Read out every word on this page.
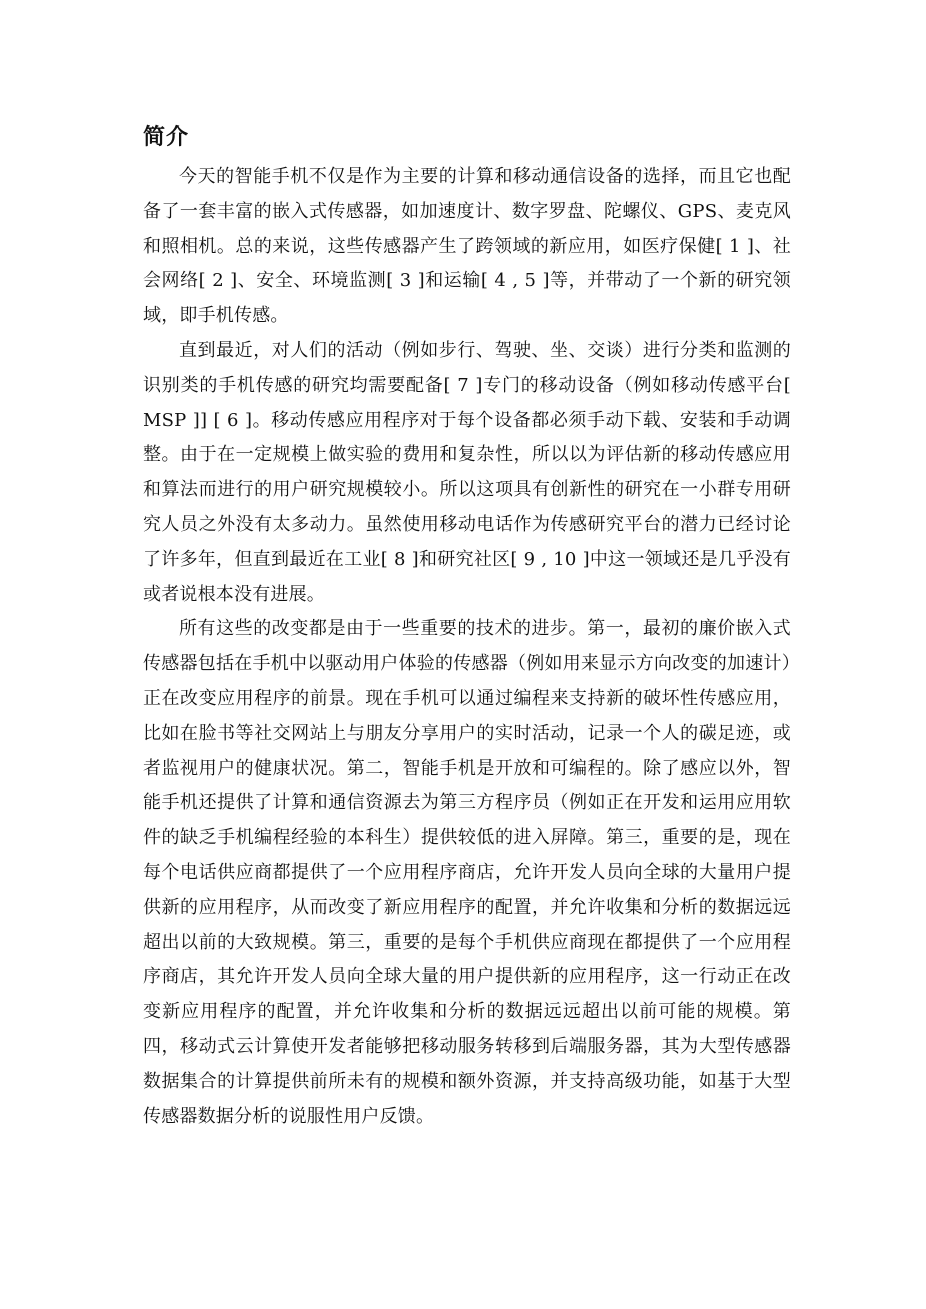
简介

今天的智能手机不仅是作为主要的计算和移动通信设备的选择，而且它也配备了一套丰富的嵌入式传感器，如加速度计、数字罗盘、陀螺仪、GPS、麦克风和照相机。总的来说，这些传感器产生了跨领域的新应用，如医疗保健[ 1 ]、社会网络[ 2 ]、安全、环境监测[ 3 ]和运输[ 4 , 5 ]等，并带动了一个新的研究领域，即手机传感。

直到最近，对人们的活动（例如步行、驾驶、坐、交谈）进行分类和监测的识别类的手机传感的研究均需要配备[ 7 ]专门的移动设备（例如移动传感平台[ MSP ]] [ 6 ]。移动传感应用程序对于每个设备都必须手动下载、安装和手动调整。由于在一定规模上做实验的费用和复杂性，所以以为评估新的移动传感应用和算法而进行的用户研究规模较小。所以这项具有创新性的研究在一小群专用研究人员之外没有太多动力。虽然使用移动电话作为传感研究平台的潜力已经讨论了许多年，但直到最近在工业[ 8 ]和研究社区[ 9 , 10 ]中这一领域还是几乎没有或者说根本没有进展。

所有这些的改变都是由于一些重要的技术的进步。第一，最初的廉价嵌入式传感器包括在手机中以驱动用户体验的传感器（例如用来显示方向改变的加速计）正在改变应用程序的前景。现在手机可以通过编程来支持新的破坏性传感应用，比如在脸书等社交网站上与朋友分享用户的实时活动，记录一个人的碳足迹，或者监视用户的健康状况。第二，智能手机是开放和可编程的。除了感应以外，智能手机还提供了计算和通信资源去为第三方程序员（例如正在开发和运用应用软件的缺乏手机编程经验的本科生）提供较低的进入屏障。第三，重要的是，现在每个电话供应商都提供了一个应用程序商店，允许开发人员向全球的大量用户提供新的应用程序，从而改变了新应用程序的配置，并允许收集和分析的数据远远超出以前的大致规模。第三，重要的是每个手机供应商现在都提供了一个应用程序商店，其允许开发人员向全球大量的用户提供新的应用程序，这一行动正在改变新应用程序的配置，并允许收集和分析的数据远远超出以前可能的规模。第四，移动式云计算使开发者能够把移动服务转移到后端服务器，其为大型传感器数据集合的计算提供前所未有的规模和额外资源，并支持高级功能，如基于大型传感器数据分析的说服性用户反馈。
